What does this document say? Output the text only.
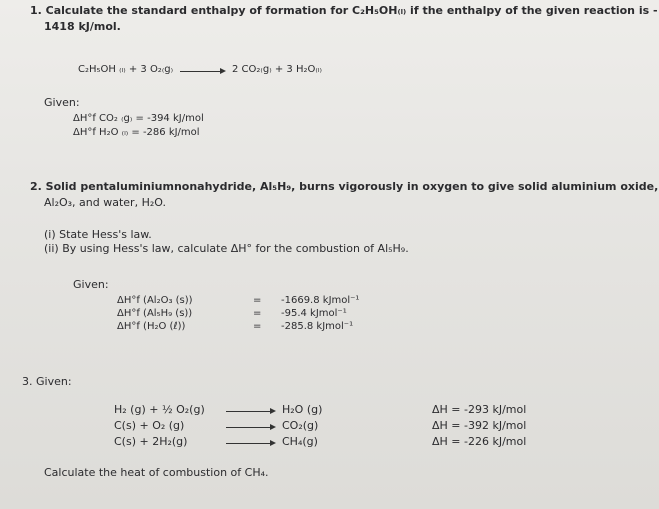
1. Calculate the standard enthalpy of formation for C₂H₅OH₍ₗ₎ if the enthalpy of the given reaction is -
1418 kJ/mol.
C₂H₅OH ₍ₗ₎ + 3 O₂₍g₎	2 CO₂₍g₎ + 3 H₂O₍ₗ₎
Given:
ΔH°f CO₂ ₍g₎ = -394 kJ/mol
ΔH°f H₂O ₍ₗ₎ = -286 kJ/mol
2. Solid pentaluminiumnonahydride, Al₅H₉, burns vigorously in oxygen to give solid aluminium oxide,
Al₂O₃, and water, H₂O.
(i) State Hess's law.
(ii) By using Hess's law, calculate ΔH° for the combustion of Al₅H₉.
Given:
ΔH°f (Al₂O₃ (s))	= -1669.8 kJmol⁻¹
ΔH°f (Al₅H₉ (s))	= -95.4 kJmol⁻¹
ΔH°f (H₂O (ℓ))	= -285.8 kJmol⁻¹
3. Given:
H₂ (g) + ½ O₂(g)	H₂O (g)	ΔH = -293 kJ/mol
C(s) + O₂ (g)	CO₂(g)	ΔH = -392 kJ/mol
C(s) + 2H₂(g)	CH₄(g)	ΔH = -226 kJ/mol
Calculate the heat of combustion of CH₄.
